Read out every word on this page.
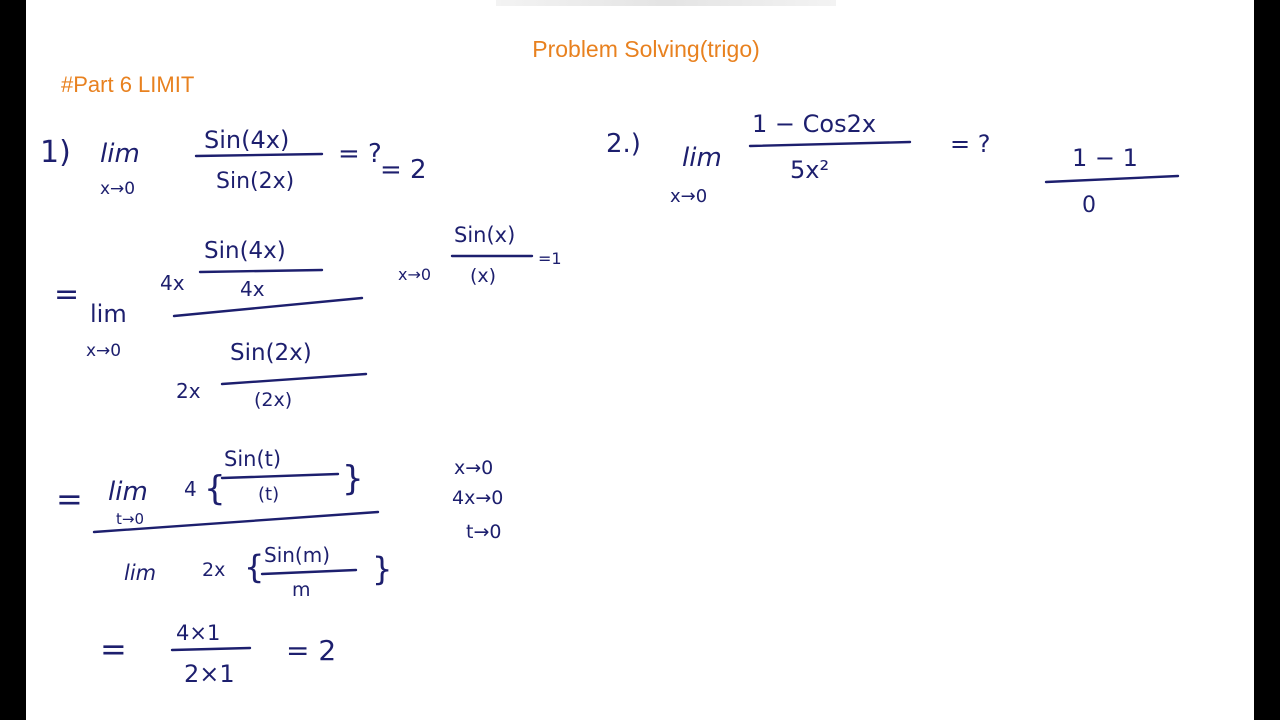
Problem Solving(trigo)
#Part 6 LIMIT
1) lim
x→0
Sin(4x)
Sin(2x)
= ?
= 2
=
lim
x→0
4x
Sin(4x)
4x
Sin(2x)
2x	(2x)
x→0
Sin(x)
(x)
=1
= lim
t→0
4 {
Sin(t)
(t) }
lim 2x { Sin(m)
m
}
x→0
4x→0
t→0
= 4×1
2×1
= 2
2.) lim
x→0
1 − Cos2x
5x²
= ?	1 − 1
0
